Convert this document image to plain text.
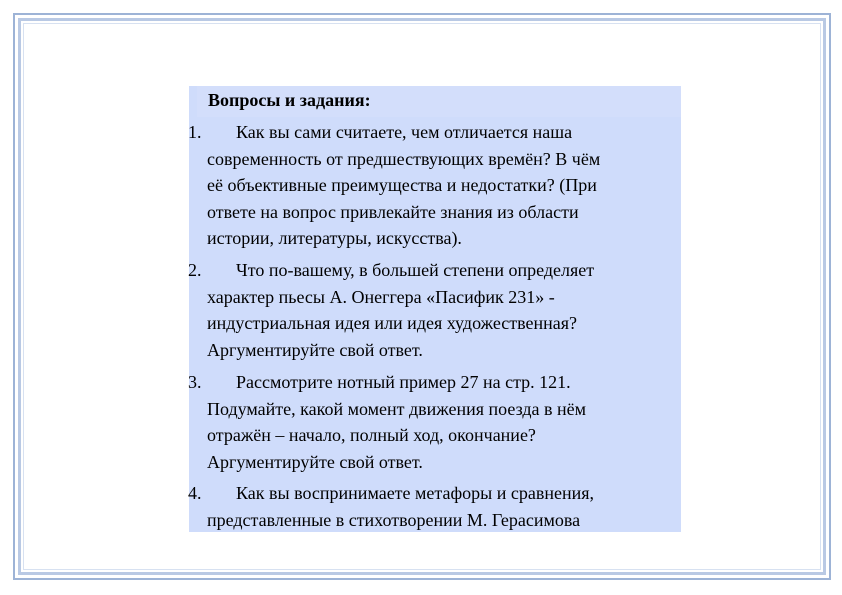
Вопросы и задания:
1.	Как вы сами считаете, чем отличается наша
современность от предшествующих времён? В чём
её объективные преимущества и недостатки? (При
ответе на вопрос привлекайте знания из области
истории, литературы, искусства).
2.	Что по-вашему, в большей степени определяет
характер пьесы А. Онеггера «Пасифик 231» -
индустриальная идея или идея художественная?
Аргументируйте свой ответ.
3.	Рассмотрите нотный пример 27 на стр. 121.
Подумайте, какой момент движения поезда в нём
отражён – начало, полный ход, окончание?
Аргументируйте свой ответ.
4.	Как вы воспринимаете метафоры и сравнения,
представленные в стихотворении М. Герасимова
